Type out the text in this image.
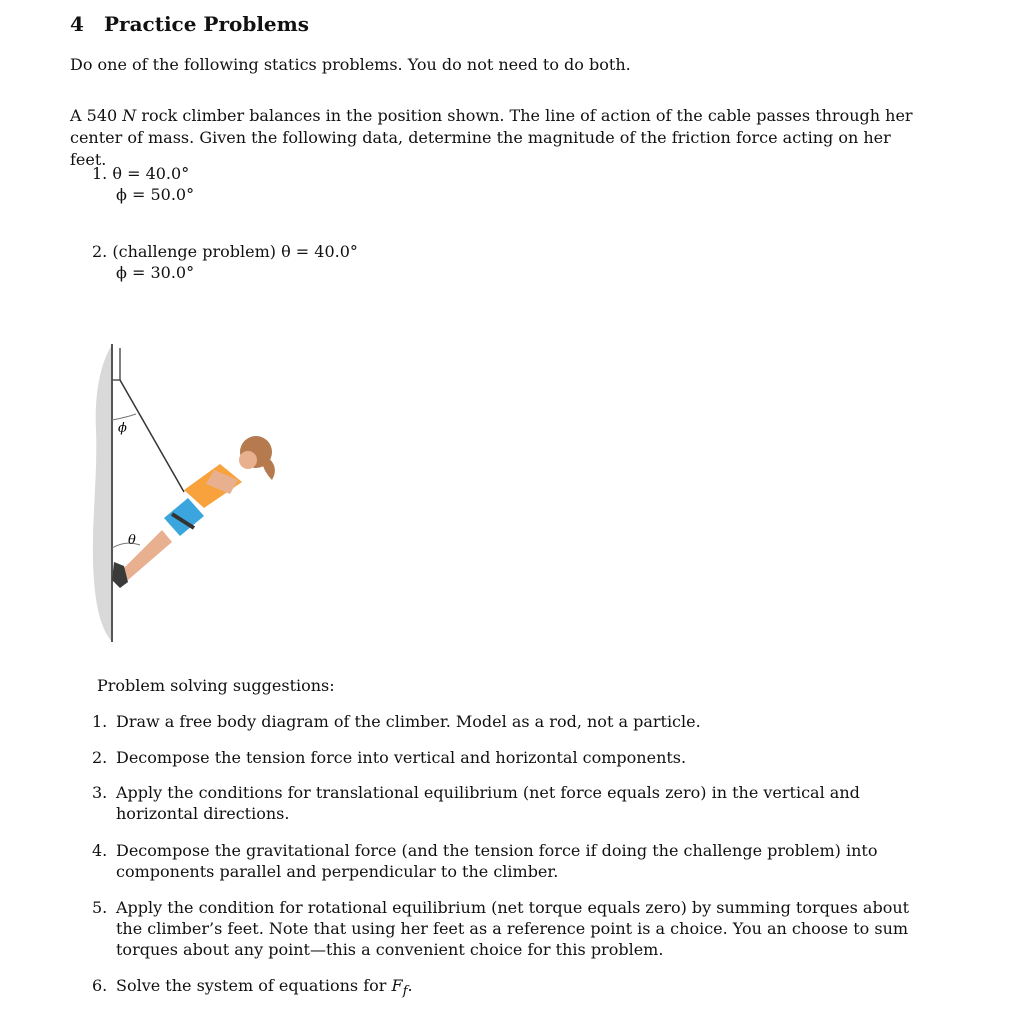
4 Practice Problems
Do one of the following statics problems. You do not need to do both.
A 540 N rock climber balances in the position shown. The line of action of the cable passes through her center of mass. Given the following data, determine the magnitude of the friction force acting on her feet.
1. θ = 40.0°
ϕ = 50.0°
2. (challenge problem) θ = 40.0°
ϕ = 30.0°
ϕ
θ
Problem solving suggestions:
1. Draw a free body diagram of the climber. Model as a rod, not a particle.
2. Decompose the tension force into vertical and horizontal components.
3. Apply the conditions for translational equilibrium (net force equals zero) in the vertical and horizontal directions.
4. Decompose the gravitational force (and the tension force if doing the challenge problem) into components parallel and perpendicular to the climber.
5. Apply the condition for rotational equilibrium (net torque equals zero) by summing torques about the climber’s feet. Note that using her feet as a reference point is a choice. You an choose to sum torques about any point—this a convenient choice for this problem.
6. Solve the system of equations for $F_f$.
